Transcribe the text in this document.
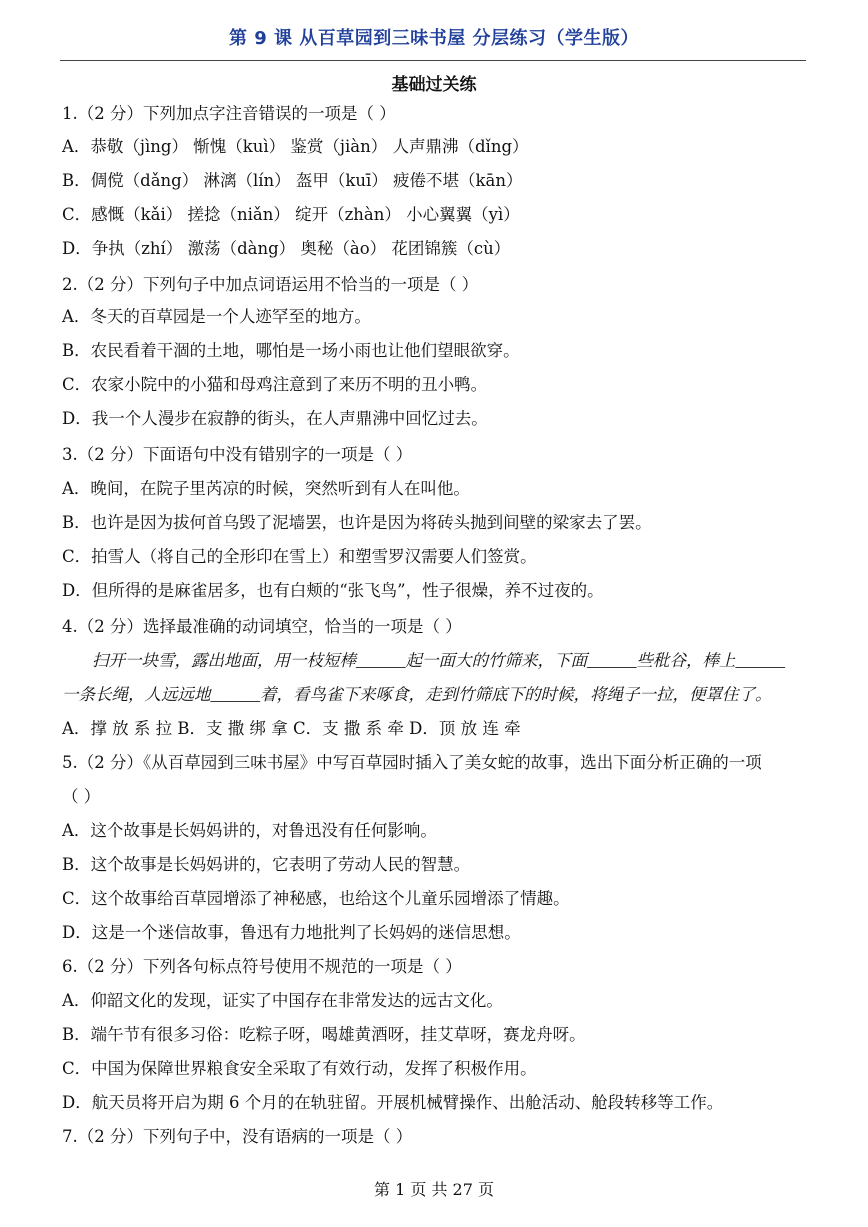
第 9 课 从百草园到三味书屋 分层练习（学生版）
基础过关练
1.（2 分）下列加点字注音错误的一项是（ ）
A．恭敬（jìng） 惭愧（kuì） 鉴赏（jiàn） 人声鼎沸（dǐng）
B．倜傥（dǎng） 淋漓（lín） 盔甲（kuī） 疲倦不堪（kān）
C．感慨（kǎi） 搓捻（niǎn） 绽开（zhàn） 小心翼翼（yì）
D．争执（zhí） 激荡（dàng） 奥秘（ào） 花团锦簇（cù）
2.（2 分）下列句子中加点词语运用不恰当的一项是（ ）
A．冬天的百草园是一个人迹罕至的地方。
B．农民看着干涸的土地，哪怕是一场小雨也让他们望眼欲穿。
C．农家小院中的小猫和母鸡注意到了来历不明的丑小鸭。
D．我一个人漫步在寂静的街头，在人声鼎沸中回忆过去。
3.（2 分）下面语句中没有错别字的一项是（ ）
A．晚间，在院子里芮凉的时候，突然听到有人在叫他。
B．也许是因为拔何首乌毁了泥墙罢，也许是因为将砖头抛到间壁的梁家去了罢。
C．拍雪人（将自己的全形印在雪上）和塑雪罗汉需要人们签赏。
D．但所得的是麻雀居多，也有白颊的“张飞鸟”，性子很燥，养不过夜的。
4.（2 分）选择最准确的动词填空，恰当的一项是（ ）
扫开一块雪，露出地面，用一枝短棒______起一面大的竹筛来，下面______些秕谷，棒上______
一条长绳，人远远地______着，看鸟雀下来啄食，走到竹筛底下的时候，将绳子一拉，便罩住了。
A．撑 放 系 拉 B．支 撒 绑 拿 C．支 撒 系 牵 D．顶 放 连 牵
5.（2 分）《从百草园到三味书屋》中写百草园时插入了美女蛇的故事，选出下面分析正确的一项
（ ）
A．这个故事是长妈妈讲的，对鲁迅没有任何影响。
B．这个故事是长妈妈讲的，它表明了劳动人民的智慧。
C．这个故事给百草园增添了神秘感，也给这个儿童乐园增添了情趣。
D．这是一个迷信故事，鲁迅有力地批判了长妈妈的迷信思想。
6.（2 分）下列各句标点符号使用不规范的一项是（ ）
A．仰韶文化的发现，证实了中国存在非常发达的远古文化。
B．端午节有很多习俗：吃粽子呀，喝雄黄酒呀，挂艾草呀，赛龙舟呀。
C．中国为保障世界粮食安全采取了有效行动，发挥了积极作用。
D．航天员将开启为期 6 个月的在轨驻留。开展机械臂操作、出舱活动、舱段转移等工作。
7.（2 分）下列句子中，没有语病的一项是（ ）
第 1 页 共 27 页
